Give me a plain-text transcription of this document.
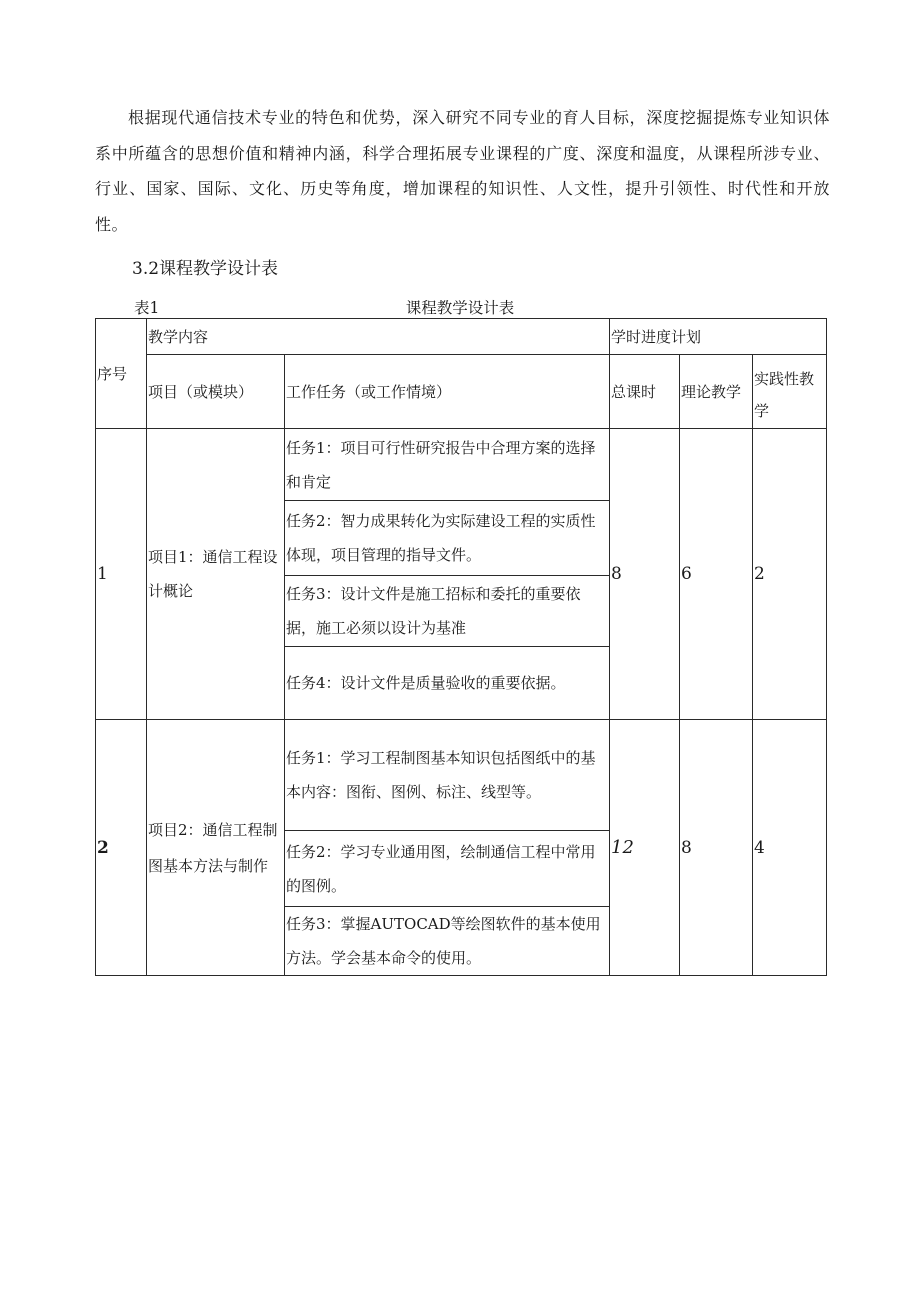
根据现代通信技术专业的特色和优势，深入研究不同专业的育人目标，深度挖掘提炼专业知识体系中所蕴含的思想价值和精神内涵，科学合理拓展专业课程的广度、深度和温度，从课程所涉专业、行业、国家、国际、文化、历史等角度，增加课程的知识性、人文性，提升引领性、时代性和开放性。

3.2课程教学设计表

课程教学设计表
表1
序号	教学内容		学时进度计划		
	项目（或模块）	工作任务（或工作情境）	总课时	理论教学	实践性教学
1	项目1：通信工程设计概论	任务1：项目可行性研究报告中合理方案的选择和肯定	8	6	2
		任务2：智力成果转化为实际建设工程的实质性体现，项目管理的指导文件。			
		任务3：设计文件是施工招标和委托的重要依据，施工必须以设计为基准			
		任务4：设计文件是质量验收的重要依据。			
2	项目2：通信工程制图基本方法与制作	任务1：学习工程制图基本知识包括图纸中的基本内容：图衔、图例、标注、线型等。	12	8	4
		任务2：学习专业通用图，绘制通信工程中常用的图例。			
		任务3：掌握AUTOCAD等绘图软件的基本使用方法。学会基本命令的使用。			
